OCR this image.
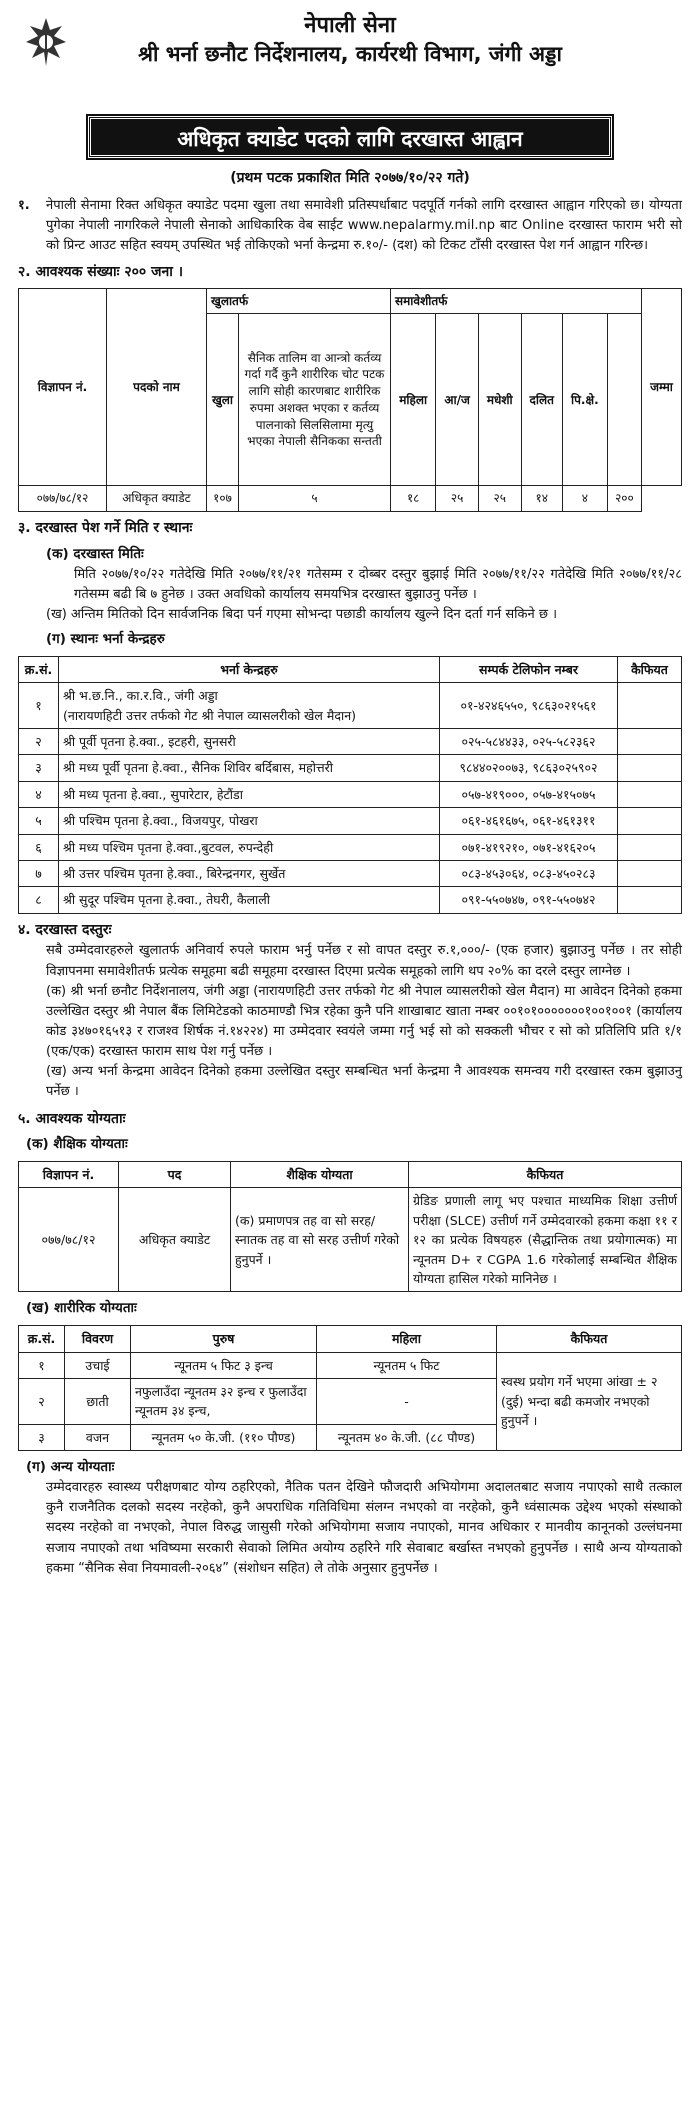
नेपाली सेना
श्री भर्ना छनौट निर्देशनालय, कार्यरथी विभाग, जंगी अड्डा
अधिकृत क्याडेट पदको लागि दरखास्त आह्वान
(प्रथम पटक प्रकाशित मिति २०७७/१०/२२ गते)
१. नेपाली सेनामा रिक्त अधिकृत क्याडेट पदमा खुला तथा समावेशी प्रतिस्पर्धाबाट पदपूर्ति गर्नको लागि दरखास्त आह्वान गरिएको छ। योग्यता पुगेका नेपाली नागरिकले नेपाली सेनाको आधिकारिक वेब साईट www.nepalarmy.mil.np बाट Online दरखास्त फाराम भरी सो को प्रिन्ट आउट सहित स्वयम् उपस्थित भई तोकिएको भर्ना केन्द्रमा रु.१०/- (दश) को टिकट टाँसी दरखास्त पेश गर्न आह्वान गरिन्छ।
२. आवश्यक संख्याः २०० जना ।
विज्ञापन नं.	पदको नाम	खुलातर्फ		समावेशीतर्फ						जम्मा
		खुला	सैनिक तालिम वा आन्त्रो कर्तव्य गर्दा गर्दै कुनै शारीरिक चोट पटक लागि सोही कारणबाट शारीरिक रुपमा अशक्त भएका र कर्तव्य पालनाको सिलसिलामा मृत्यु भएका नेपाली सैनिकका सन्तती	महिला	आ/ज	मधेशी	दलित	पि.क्षे.		
०७७/७८/१२	अधिकृत क्याडेट	१०७	५	१८	२५	२५	१४	४	२००	
३. दरखास्त पेश गर्ने मिति र स्थानः
(क) दरखास्त मितिः
मिति २०७७/१०/२२ गतेदेखि मिति २०७७/११/२१ गतेसम्म र दोब्बर दस्तुर बुझाई मिति २०७७/११/२२ गतेदेखि मिति २०७७/११/२८ गतेसम्म बढी बि ७ हुनेछ । उक्त अवधिको कार्यालय समयभित्र दरखास्त बुझाउनु पर्नेछ ।
(ख) अन्तिम मितिको दिन सार्वजनिक बिदा पर्न गएमा सोभन्दा पछाडी कार्यालय खुल्ने दिन दर्ता गर्न सकिने छ ।
(ग) स्थानः भर्ना केन्द्रहरु
क्र.सं.	भर्ना केन्द्रहरु	सम्पर्क टेलिफोन नम्बर	कैफियत
१	श्री भ.छ.नि., का.र.वि., जंगी अड्डा
(नारायणहिटी उत्तर तर्फको गेट श्री नेपाल व्यासलरीको खेल मैदान)	०१-४२४६५५०, ९८६३०२१५६१	
२	श्री पूर्वी पृतना हे.क्वा., इटहरी, सुनसरी	०२५-५८४४३३, ०२५-५८२३६२	
३	श्री मध्य पूर्वी पृतना हे.क्वा., सैनिक शिविर बर्दिबास, महोत्तरी	९८४४०२००७३, ९८६३०२५९०२	
४	श्री मध्य पृतना हे.क्वा., सुपारेटार, हेटौंडा	०५७-४१९०००, ०५७-४१५०७५	
५	श्री पश्चिम पृतना हे.क्वा., विजयपुर, पोखरा	०६१-४६१६७५, ०६१-४६१३११	
६	श्री मध्य पश्चिम पृतना हे.क्वा.,बुटवल, रुपन्देही	०७१-४१९२१०, ०७१-४१६२०५	
७	श्री उत्तर पश्चिम पृतना हे.क्वा., बिरेन्द्रनगर, सुर्खेत	०८३-४५३०६४, ०८३-४५०२८३	
८	श्री सुदूर पश्चिम पृतना हे.क्वा., तेघरी, कैलाली	०९१-५५०७४७, ०९१-५५०७४२	
४. दरखास्त दस्तुरः
सबै उम्मेदवारहरुले खुलातर्फ अनिवार्य रुपले फाराम भर्नु पर्नेछ र सो वापत दस्तुर रु.१,०००/- (एक हजार) बुझाउनु पर्नेछ । तर सोही विज्ञापनमा समावेशीतर्फ प्रत्येक समूहमा बढी समूहमा दरखास्त दिएमा प्रत्येक समूहको लागि थप २०% का दरले दस्तुर लाग्नेछ ।
(क) श्री भर्ना छनौट निर्देशनालय, जंगी अड्डा (नारायणहिटी उत्तर तर्फको गेट श्री नेपाल व्यासलरीको खेल मैदान) मा आवेदन दिनेको हकमा उल्लेखित दस्तुर श्री नेपाल बैंक लिमिटेडको काठमाण्डौ भित्र रहेका कुनै पनि शाखाबाट खाता नम्बर ००१०१०००००००१००१००१ (कार्यालय कोड ३४७०१६५१३ र राजश्व शिर्षक नं.१४२२४) मा उम्मेदवार स्वयंले जम्मा गर्नु भई सो को सक्कली भौचर र सो को प्रतिलिपि प्रति १/१ (एक/एक) दरखास्त फाराम साथ पेश गर्नु पर्नेछ ।
(ख) अन्य भर्ना केन्द्रमा आवेदन दिनेको हकमा उल्लेखित दस्तुर सम्बन्धित भर्ना केन्द्रमा नै आवश्यक समन्वय गरी दरखास्त रकम बुझाउनु पर्नेछ ।
५. आवश्यक योग्यताः
(क) शैक्षिक योग्यताः
विज्ञापन नं.	पद	शैक्षिक योग्यता	कैफियत
०७७/७८/१२	अधिकृत क्याडेट	(क) प्रमाणपत्र तह वा सो सरह/ स्नातक तह वा सो सरह उत्तीर्ण गरेको हुनुपर्ने ।	ग्रेडिङ प्रणाली लागू भए पश्चात माध्यमिक शिक्षा उत्तीर्ण परीक्षा (SLCE) उत्तीर्ण गर्ने उम्मेदवारको हकमा कक्षा ११ र १२ का प्रत्येक विषयहरु (सैद्धान्तिक तथा प्रयोगात्मक) मा न्यूनतम D+ र CGPA 1.6 गरेकोलाई सम्बन्धित शैक्षिक योग्यता हासिल गरेको मानिनेछ ।
(ख) शारीरिक योग्यताः
क्र.सं.	विवरण	पुरुष	महिला	कैफियत
१	उचाई	न्यूनतम ५ फिट ३ इन्च	न्यूनतम ५ फिट	स्वस्थ प्रयोग गर्ने भएमा आंखा ± २ (दुई) भन्दा बढी कमजोर नभएको हुनुपर्ने ।
२	छाती	नफुलाउँदा न्यूनतम ३२ इन्च र फुलाउँदा न्यूनतम ३४ इन्च,	-	
३	वजन	न्यूनतम ५० के.जी. (११० पौण्ड)	न्यूनतम ४० के.जी. (८८ पौण्ड)	
(ग) अन्य योग्यताः
उम्मेदवारहरु स्वास्थ्य परीक्षणबाट योग्य ठहरिएको, नैतिक पतन देखिने फौजदारी अभियोगमा अदालतबाट सजाय नपाएको साथै तत्काल कुनै राजनैतिक दलको सदस्य नरहेको, कुनै अपराधिक गतिविधिमा संलग्न नभएको वा नरहेको, कुनै ध्वंसात्मक उद्देश्य भएको संस्थाको सदस्य नरहेको वा नभएको, नेपाल विरुद्ध जासुसी गरेको अभियोगमा सजाय नपाएको, मानव अधिकार र मानवीय कानूनको उल्लंघनमा सजाय नपाएको तथा भविष्यमा सरकारी सेवाको लिमित अयोग्य ठहरिने गरि सेवाबाट बर्खास्त नभएको हुनुपर्नेछ । साथै अन्य योग्यताको हकमा “सैनिक सेवा नियमावली-२०६४” (संशोधन सहित) ले तोके अनुसार हुनुपर्नेछ ।
